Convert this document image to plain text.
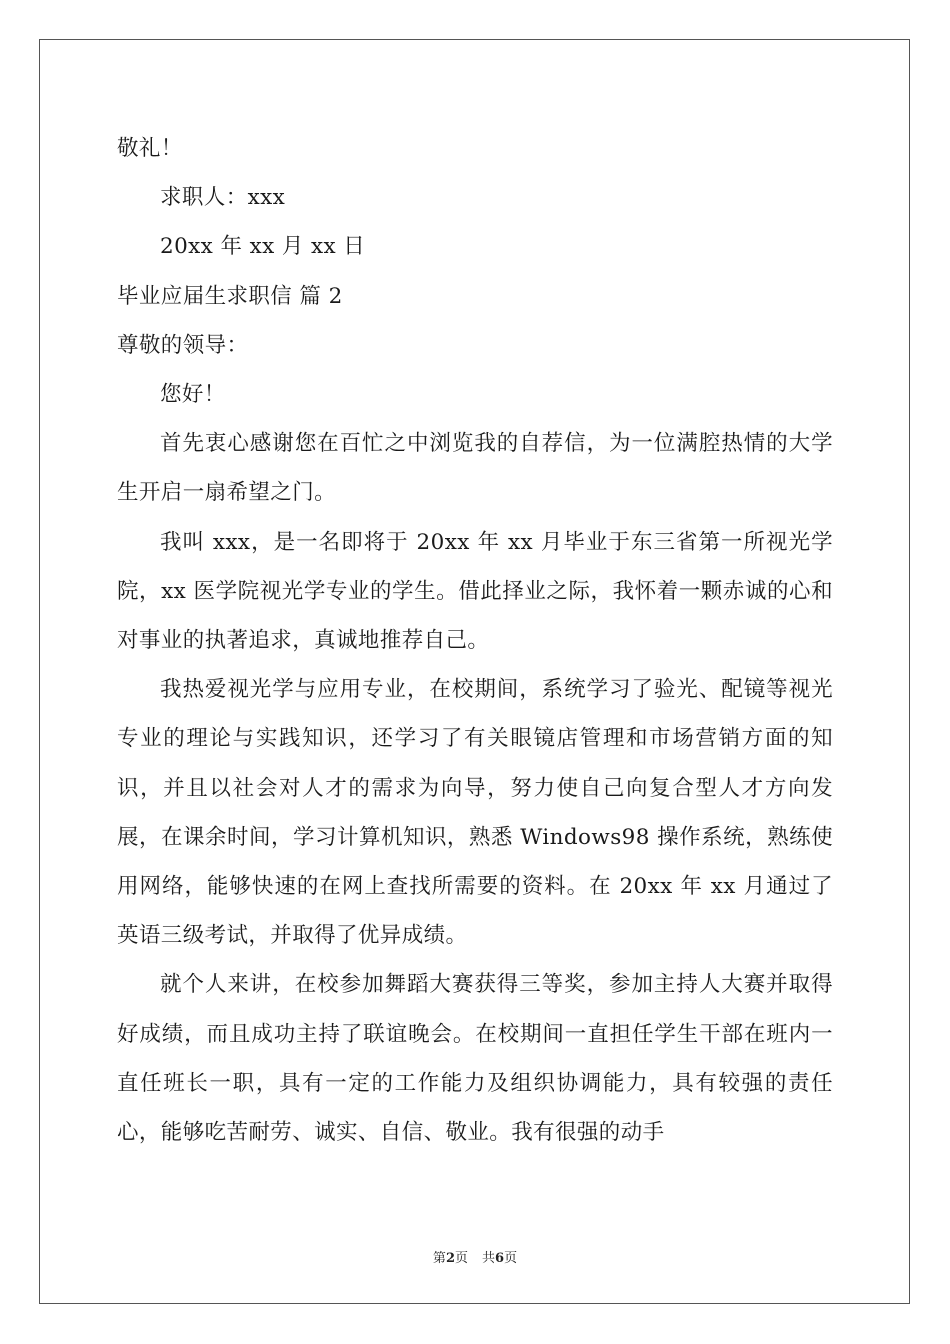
敬礼！

求职人：xxx

20xx 年 xx 月 xx 日

毕业应届生求职信 篇 2

尊敬的领导：

您好！

首先衷心感谢您在百忙之中浏览我的自荐信，为一位满腔热情的大学生开启一扇希望之门。

我叫 xxx，是一名即将于 20xx 年 xx 月毕业于东三省第一所视光学院，xx 医学院视光学专业的学生。借此择业之际，我怀着一颗赤诚的心和对事业的执著追求，真诚地推荐自己。

我热爱视光学与应用专业，在校期间，系统学习了验光、配镜等视光专业的理论与实践知识，还学习了有关眼镜店管理和市场营销方面的知识，并且以社会对人才的需求为向导，努力使自己向复合型人才方向发展，在课余时间，学习计算机知识，熟悉 Windows98 操作系统，熟练使用网络，能够快速的在网上查找所需要的资料。在 20xx 年 xx 月通过了英语三级考试，并取得了优异成绩。

就个人来讲，在校参加舞蹈大赛获得三等奖，参加主持人大赛并取得好成绩，而且成功主持了联谊晚会。在校期间一直担任学生干部在班内一直任班长一职，具有一定的工作能力及组织协调能力，具有较强的责任心，能够吃苦耐劳、诚实、自信、敬业。我有很强的动手

第2页 共6页
